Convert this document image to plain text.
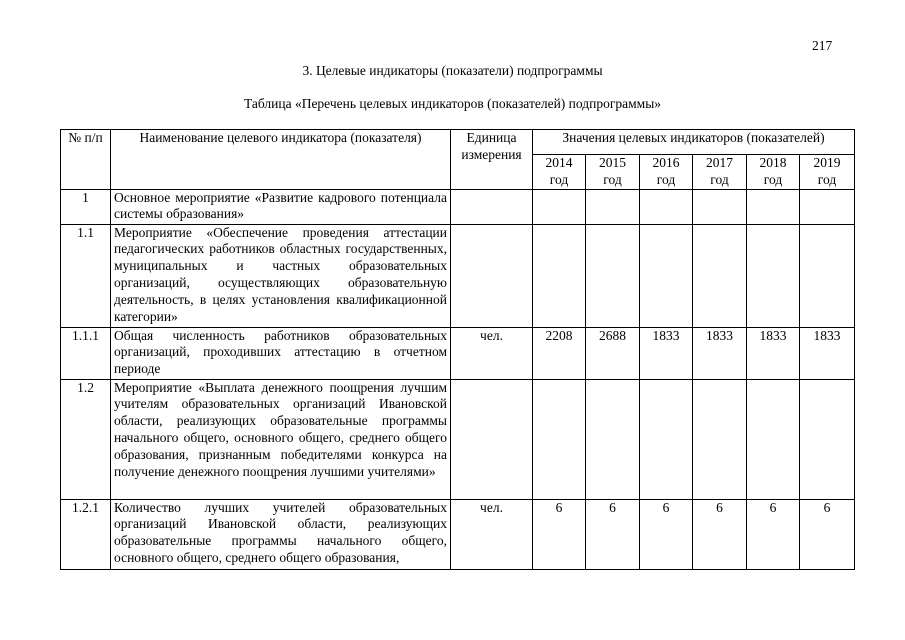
217
3. Целевые индикаторы (показатели) подпрограммы
Таблица «Перечень целевых индикаторов (показателей) подпрограммы»
№ п/п	Наименование целевого индикатора (показателя)	Единица измерения	Значения целевых индикаторов (показателей)					
			2014 год	2015 год	2016 год	2017 год	2018 год	2019 год
1	Основное мероприятие «Развитие кадрового потенциала системы образования»							
1.1	Мероприятие «Обеспечение проведения аттестации педагогических работников областных государственных, муниципальных и частных образовательных организаций, осуществляющих образовательную деятельность, в целях установления квалификационной категории»							
1.1.1	Общая численность работников образовательных организаций, проходивших аттестацию в отчетном периоде	чел.	2208	2688	1833	1833	1833	1833
1.2	Мероприятие «Выплата денежного поощрения лучшим учителям образовательных организаций Ивановской области, реализующих образовательные программы начального общего, основного общего, среднего общего образования, признанным победителями конкурса на получение денежного поощрения лучшими учителями»							
1.2.1	Количество лучших учителей образовательных организаций Ивановской области, реализующих образовательные программы начального общего, основного общего, среднего общего образования,	чел.	6	6	6	6	6	6
